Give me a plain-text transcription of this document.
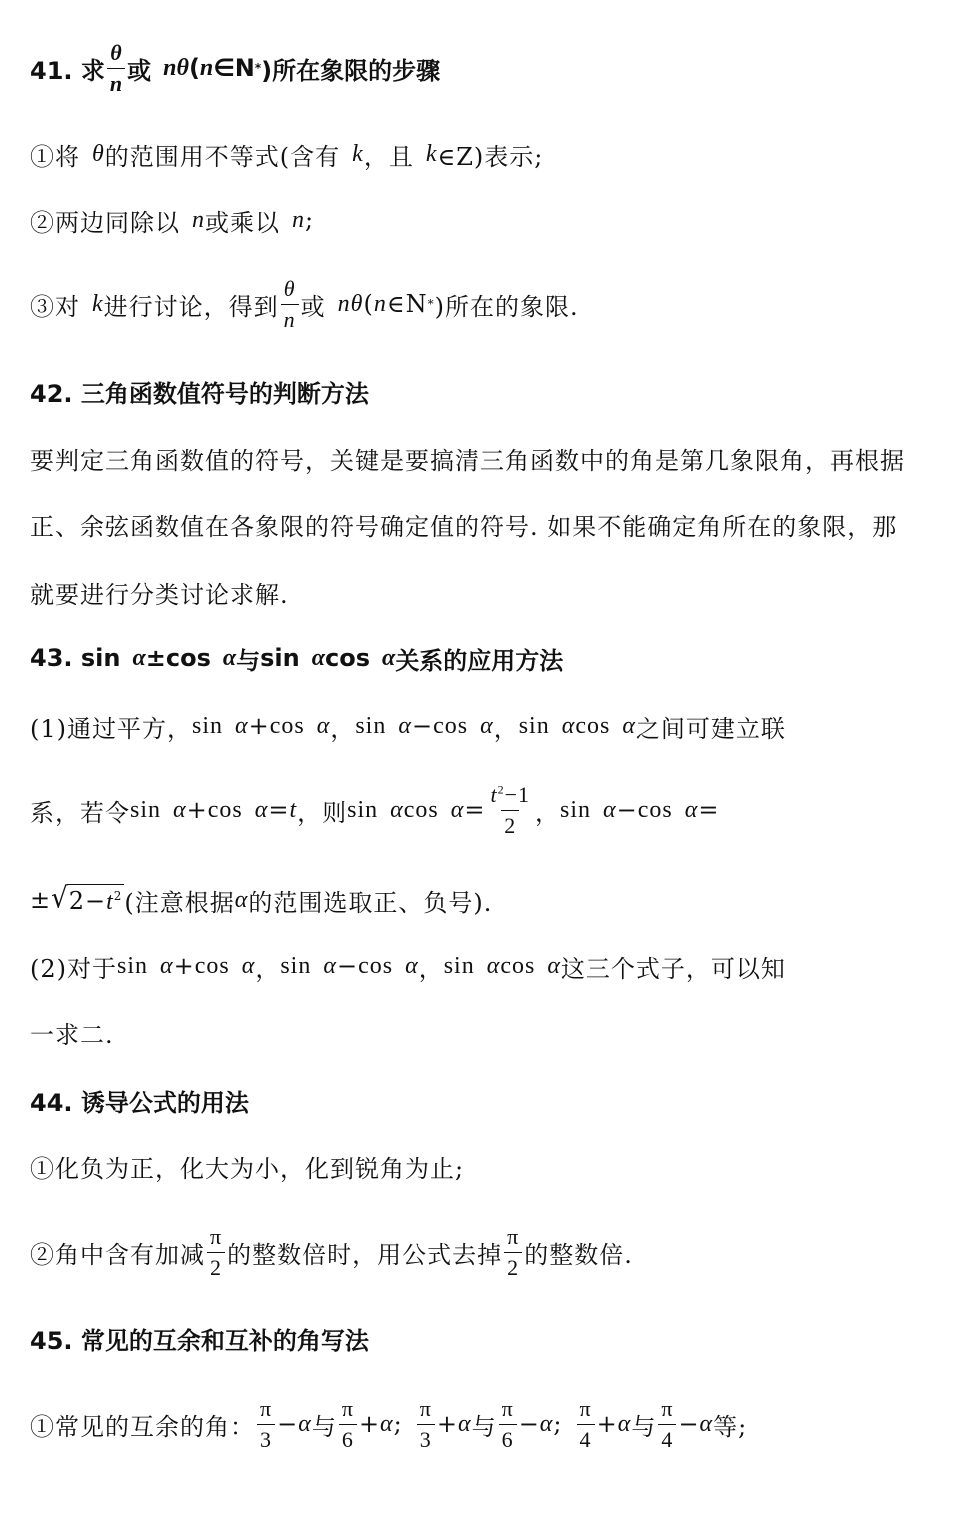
41. 求 $\frac{\theta}{n}$ 或 n θ ( n ∈N * )所在象限的步骤
①将 θ 的范围用不等式(含有 k ，且 k ∈Z)表示;
②两边同除以 n 或乘以 n ;
③对 k 进行讨论，得到 $\frac{\theta}{n}$ 或 n θ ( n ∈N * )所在的象限.
42. 三角函数值符号的判断方法
要判定三角函数值的符号，关键是要搞清三角函数中的角是第几象限角，再根据
正、余弦函数值在各象限的符号确定值的符号. 如果不能确定角所在的象限，那
就要进行分类讨论求解.
43. sin α ± cos α 与 sin α cos α 关系的应用方法
(1)通过平方， sin α + cos α ， sin α − cos α ， sin α cos α 之间可建立联
系，若令 sin α + cos α = t ，则 sin α $\cos \alpha = \frac{t^2-1}{2}$ ， sin α − cos α =
± √ $2-t^2$ (注意根据 α 的范围选取正、负号).
(2)对于 sin α + cos α ， sin α − cos α ， sin α cos α 这三个式子，可以知
一求二.
44. 诱导公式的用法
①化负为正，化大为小，化到锐角为止;
②角中含有加减 $\frac{\pi}{2}$ 的整数倍时，用公式去掉 $\frac{\pi}{2}$ 的整数倍.
45. 常见的互余和互补的角写法
①常见的互余的角： $\frac{\pi}{3} - \alpha$ 与 $\frac{\pi}{6} + \alpha$ ; $\frac{\pi}{3} + \alpha$ 与 $\frac{\pi}{6} - \alpha$ ; $\frac{\pi}{4} + \alpha$ 与 $\frac{\pi}{4} - \alpha$ 等;
